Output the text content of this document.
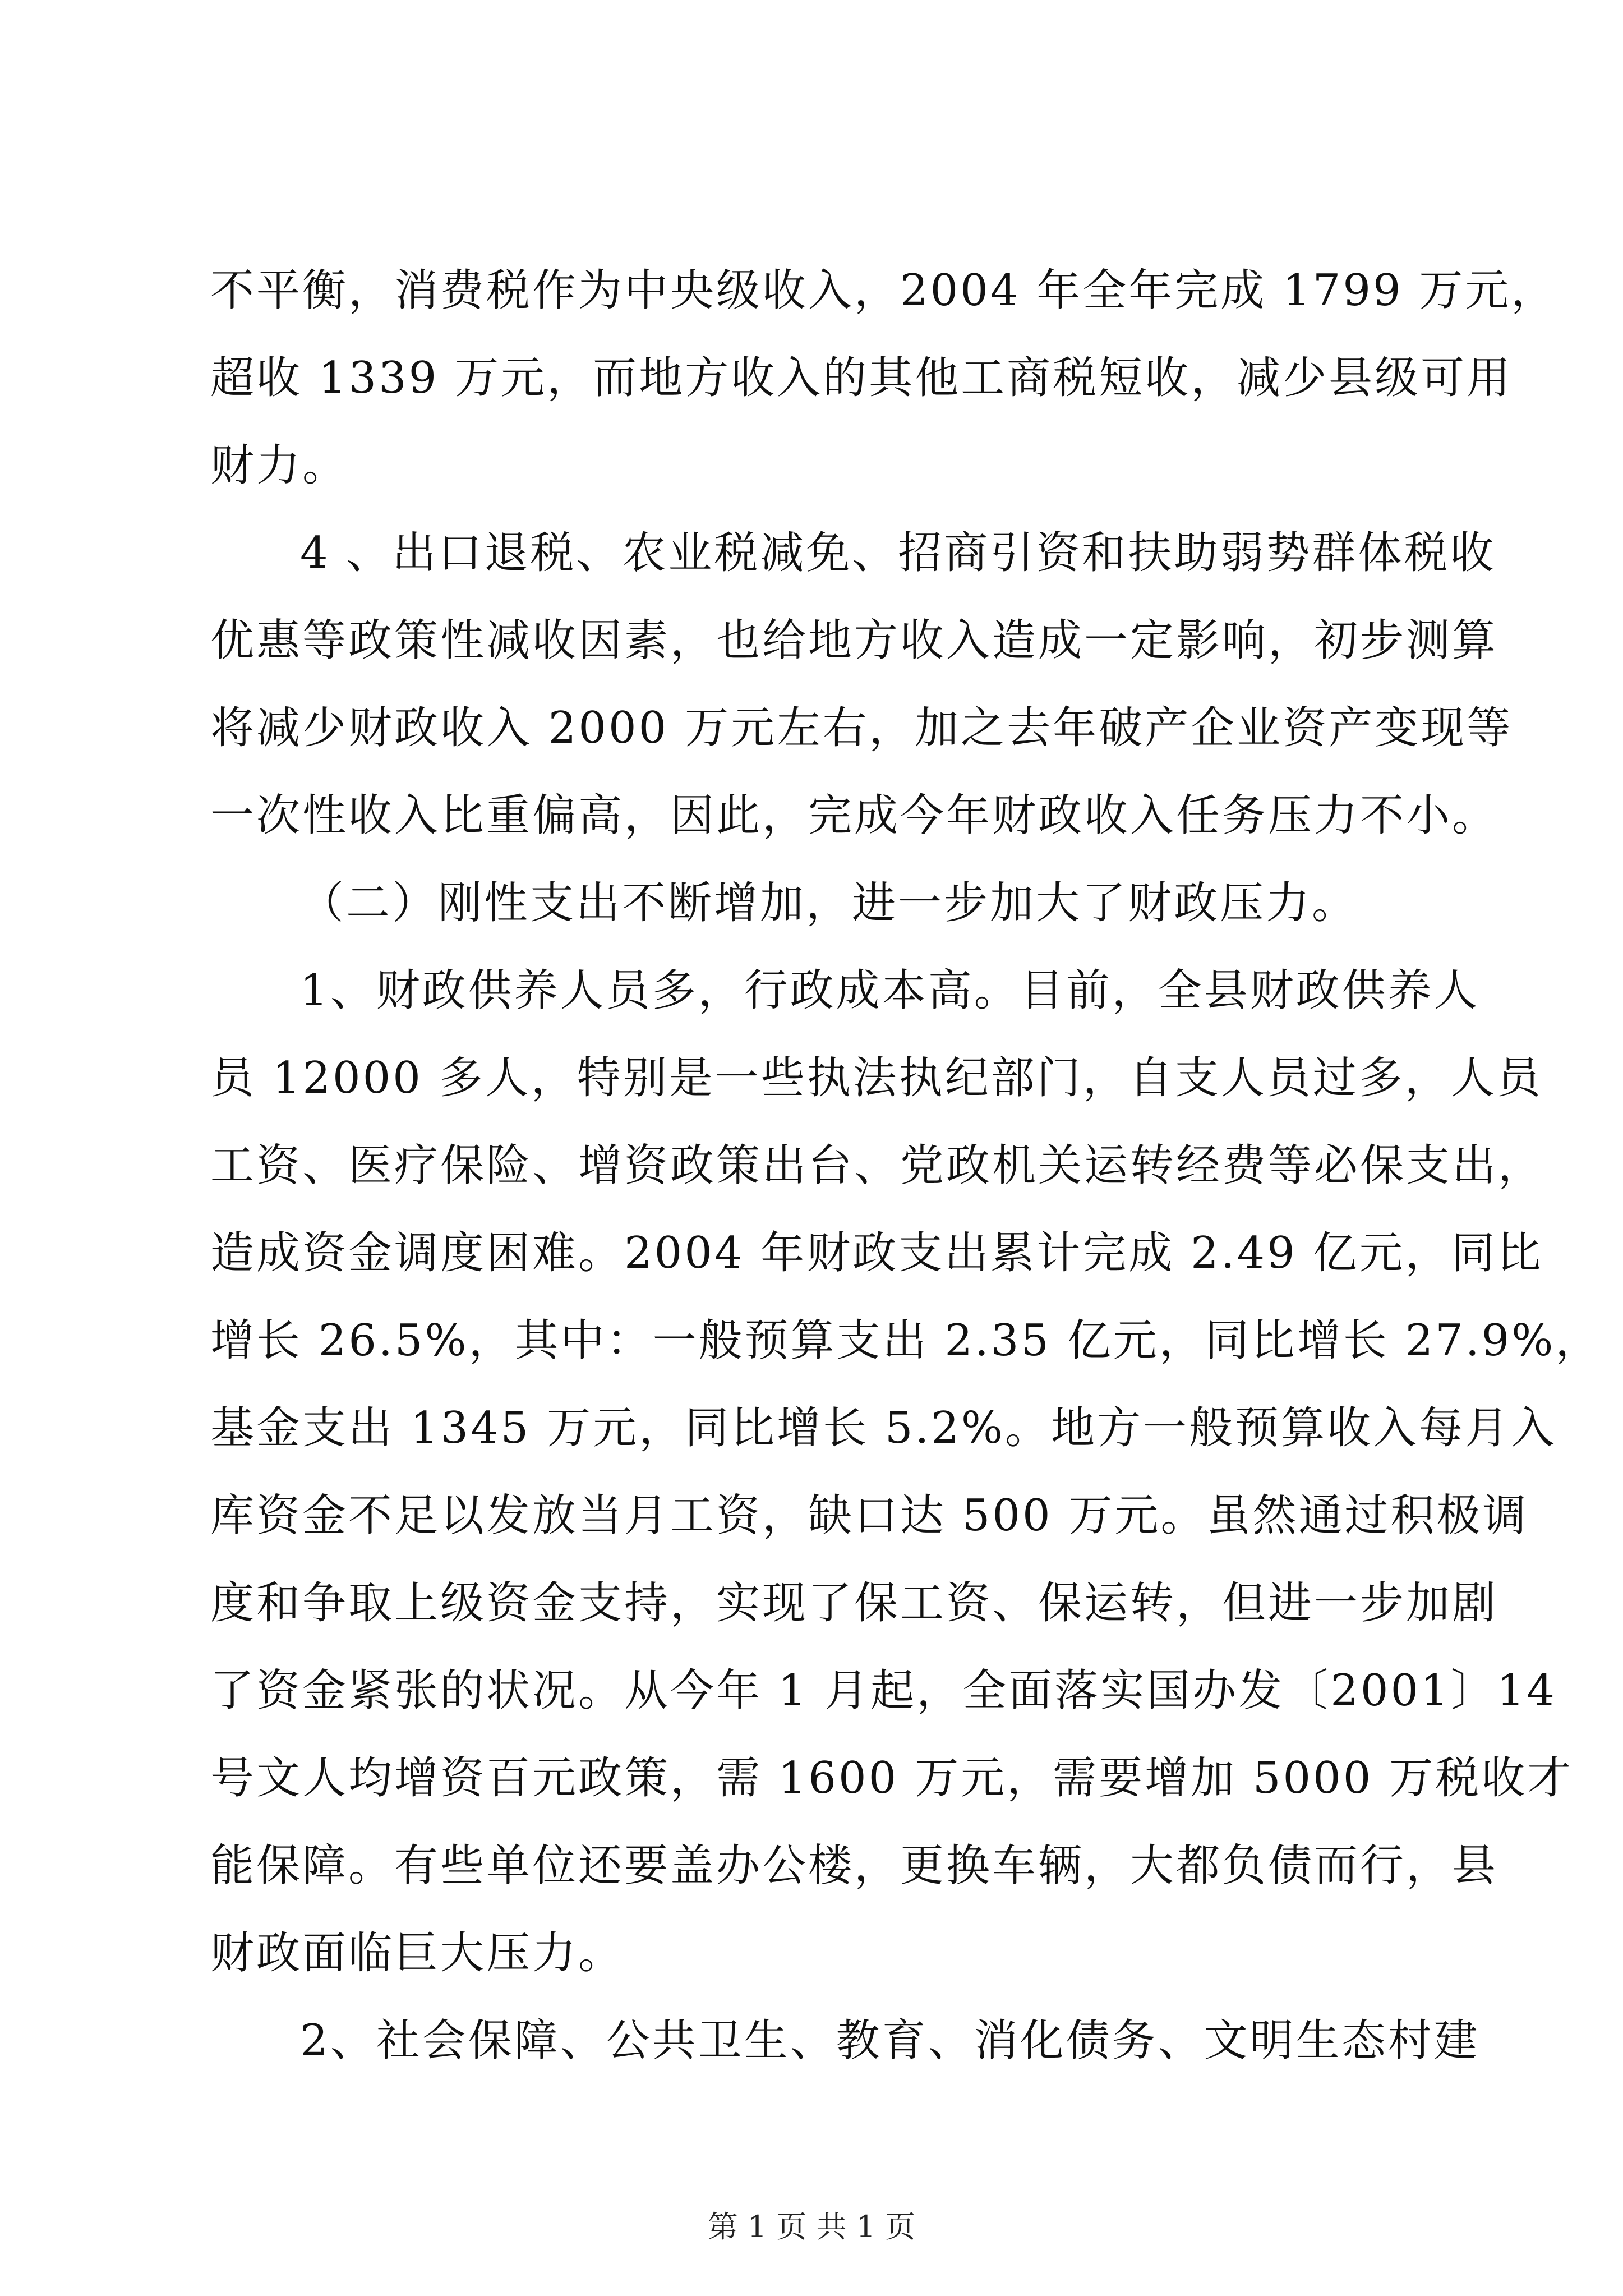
不平衡，消费税作为中央级收入，2004 年全年完成 1799 万元，
超收 1339 万元，而地方收入的其他工商税短收，减少县级可用
财力。
4 、出口退税、农业税减免、招商引资和扶助弱势群体税收
优惠等政策性减收因素，也给地方收入造成一定影响，初步测算
将减少财政收入 2000 万元左右，加之去年破产企业资产变现等
一次性收入比重偏高，因此，完成今年财政收入任务压力不小。
（二）刚性支出不断增加，进一步加大了财政压力。
1、财政供养人员多，行政成本高。目前，全县财政供养人
员 12000 多人，特别是一些执法执纪部门，自支人员过多，人员
工资、医疗保险、增资政策出台、党政机关运转经费等必保支出，
造成资金调度困难。2004 年财政支出累计完成 2.49 亿元，同比
增长 26.5%，其中：一般预算支出 2.35 亿元，同比增长 27.9%，
基金支出 1345 万元，同比增长 5.2%。地方一般预算收入每月入
库资金不足以发放当月工资，缺口达 500 万元。虽然通过积极调
度和争取上级资金支持，实现了保工资、保运转，但进一步加剧
了资金紧张的状况。从今年 1 月起，全面落实国办发〔2001〕14
号文人均增资百元政策，需 1600 万元，需要增加 5000 万税收才
能保障。有些单位还要盖办公楼，更换车辆，大都负债而行，县
财政面临巨大压力。
2、社会保障、公共卫生、教育、消化债务、文明生态村建
第 1 页 共 1 页
